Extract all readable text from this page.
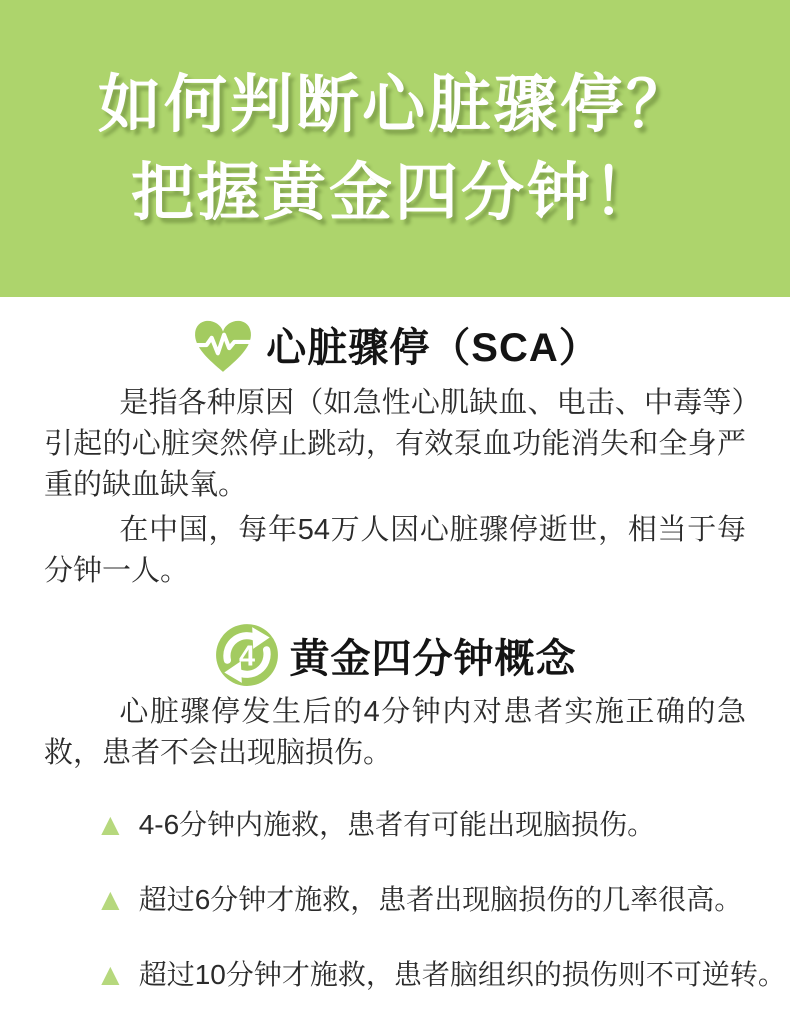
如何判断心脏骤停？
把握黄金四分钟！
心脏骤停（SCA）

是指各种原因（如急性心肌缺血、电击、中毒等）引起的心脏突然停止跳动，有效泵血功能消失和全身严重的缺血缺氧。

在中国，每年54万人因心脏骤停逝世，相当于每分钟一人。

4 黄金四分钟概念

心脏骤停发生后的4分钟内对患者实施正确的急救，患者不会出现脑损伤。

▲ 4-6分钟内施救，患者有可能出现脑损伤。
▲ 超过6分钟才施救，患者出现脑损伤的几率很高。
▲ 超过10分钟才施救，患者脑组织的损伤则不可逆转。
